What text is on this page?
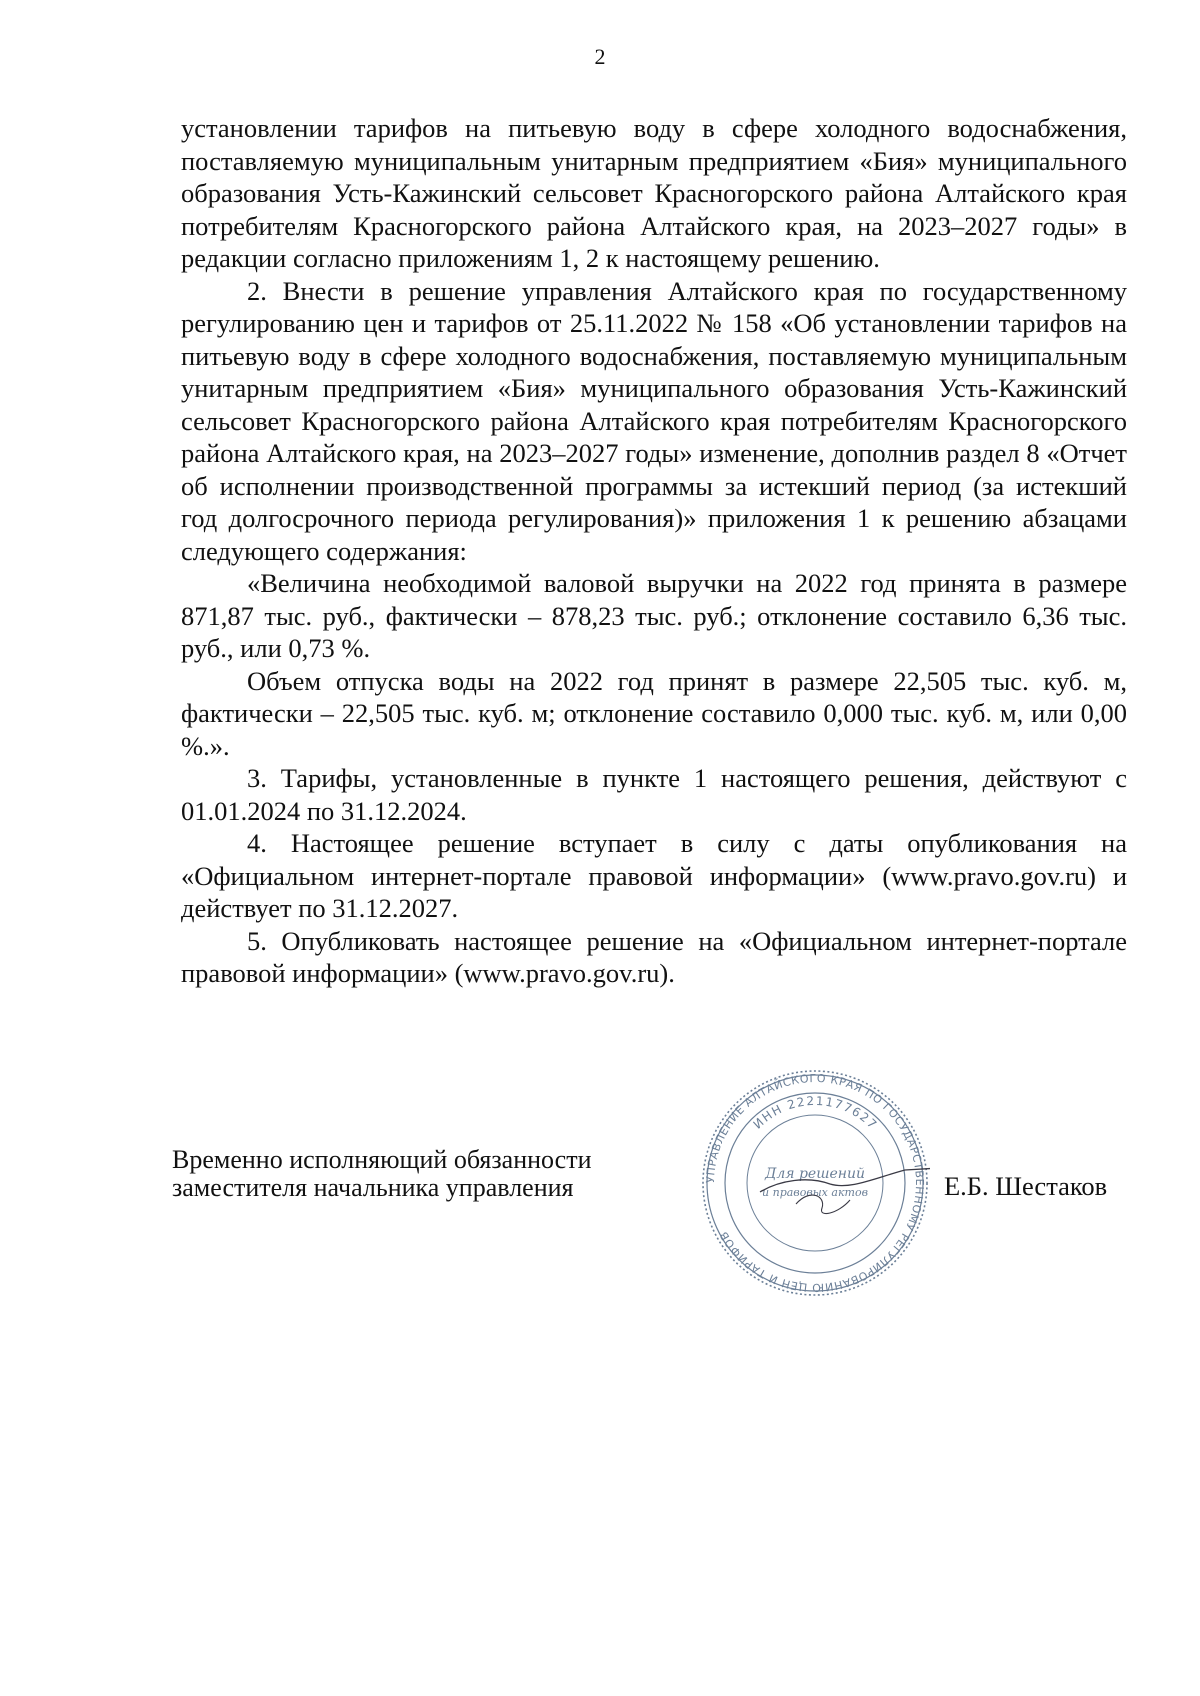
2

установлении тарифов на питьевую воду в сфере холодного водоснабжения, поставляемую муниципальным унитарным предприятием «Бия» муниципального образования Усть-Кажинский сельсовет Красногорского района Алтайского края потребителям Красногорского района Алтайского края, на 2023–2027 годы» в редакции согласно приложениям 1, 2 к настоящему решению.

2. Внести в решение управления Алтайского края по государственному регулированию цен и тарифов от 25.11.2022 № 158 «Об установлении тарифов на питьевую воду в сфере холодного водоснабжения, поставляемую муниципальным унитарным предприятием «Бия» муниципального образования Усть-Кажинский сельсовет Красногорского района Алтайского края потребителям Красногорского района Алтайского края, на 2023–2027 годы» изменение, дополнив раздел 8 «Отчет об исполнении производственной программы за истекший период (за истекший год долгосрочного периода регулирования)» приложения 1 к решению абзацами следующего содержания:

«Величина необходимой валовой выручки на 2022 год принята в размере 871,87 тыс. руб., фактически – 878,23 тыс. руб.; отклонение составило 6,36 тыс. руб., или 0,73 %.

Объем отпуска воды на 2022 год принят в размере 22,505 тыс. куб. м, фактически – 22,505 тыс. куб. м; отклонение составило 0,000 тыс. куб. м, или 0,00 %.».

3. Тарифы, установленные в пункте 1 настоящего решения, действуют с 01.01.2024 по 31.12.2024.

4. Настоящее решение вступает в силу с даты опубликования на «Официальном интернет-портале правовой информации» (www.pravo.gov.ru) и действует по 31.12.2027.

5. Опубликовать настоящее решение на «Официальном интернет-портале правовой информации» (www.pravo.gov.ru).

Временно исполняющий обязанности
заместителя начальника управления	Е.Б. Шестаков
УПРАВЛЕНИЕ АЛТАЙСКОГО КРАЯ ПО ГОСУДАРСТВЕННОМУ РЕГУЛИРОВАНИЮ ЦЕН И ТАРИФОВ
ИНН 2221177627
Для решений
и правовых актов
